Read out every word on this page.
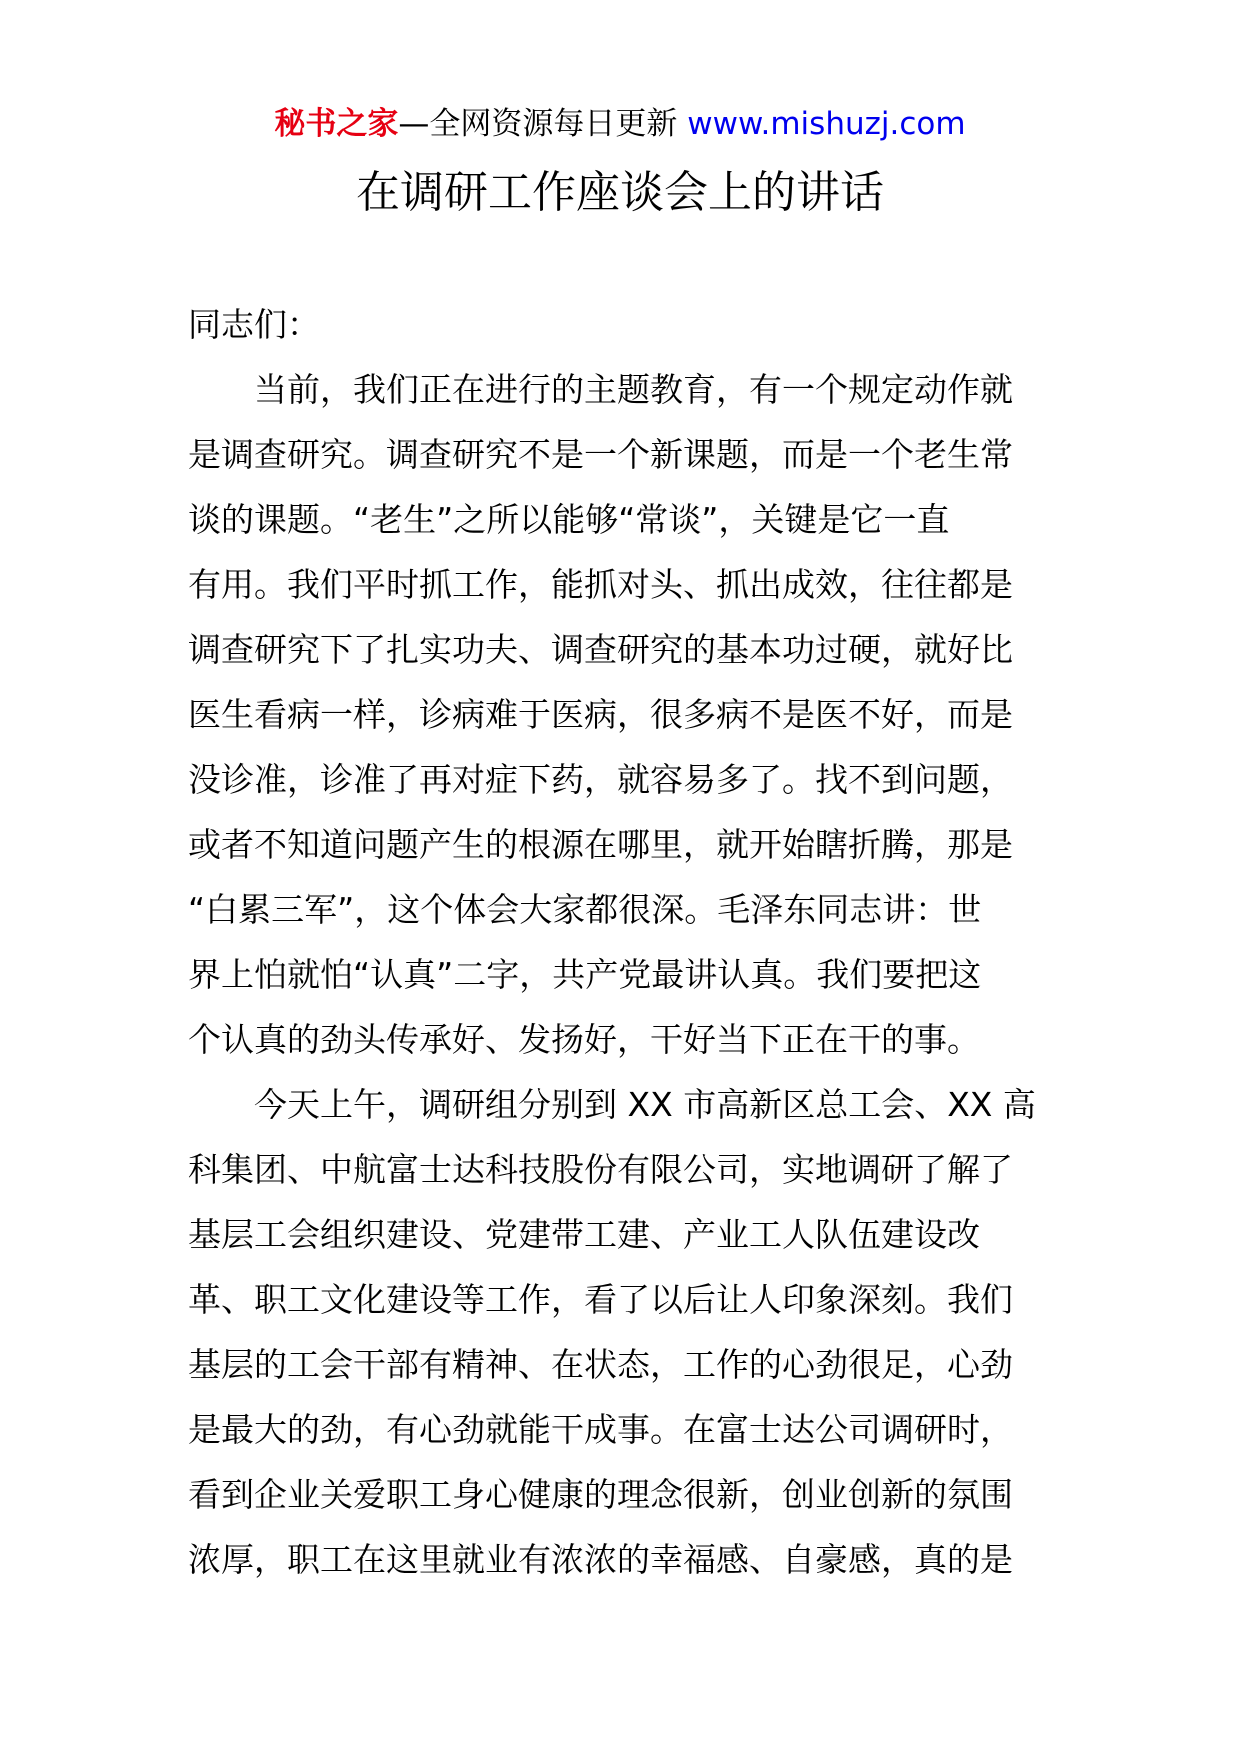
秘书之家—全网资源每日更新 www.mishuzj.com
在调研工作座谈会上的讲话
同志们：
当前，我们正在进行的主题教育，有一个规定动作就
是调查研究。调查研究不是一个新课题，而是一个老生常
谈的课题。“老生”之所以能够“常谈”，关键是它一直
有用。我们平时抓工作，能抓对头、抓出成效，往往都是
调查研究下了扎实功夫、调查研究的基本功过硬，就好比
医生看病一样，诊病难于医病，很多病不是医不好，而是
没诊准，诊准了再对症下药，就容易多了。找不到问题，
或者不知道问题产生的根源在哪里，就开始瞎折腾，那是
“白累三军”，这个体会大家都很深。毛泽东同志讲：世
界上怕就怕“认真”二字，共产党最讲认真。我们要把这
个认真的劲头传承好、发扬好，干好当下正在干的事。
今天上午，调研组分别到 XX 市高新区总工会、XX 高
科集团、中航富士达科技股份有限公司，实地调研了解了
基层工会组织建设、党建带工建、产业工人队伍建设改
革、职工文化建设等工作，看了以后让人印象深刻。我们
基层的工会干部有精神、在状态，工作的心劲很足，心劲
是最大的劲，有心劲就能干成事。在富士达公司调研时，
看到企业关爱职工身心健康的理念很新，创业创新的氛围
浓厚，职工在这里就业有浓浓的幸福感、自豪感，真的是
